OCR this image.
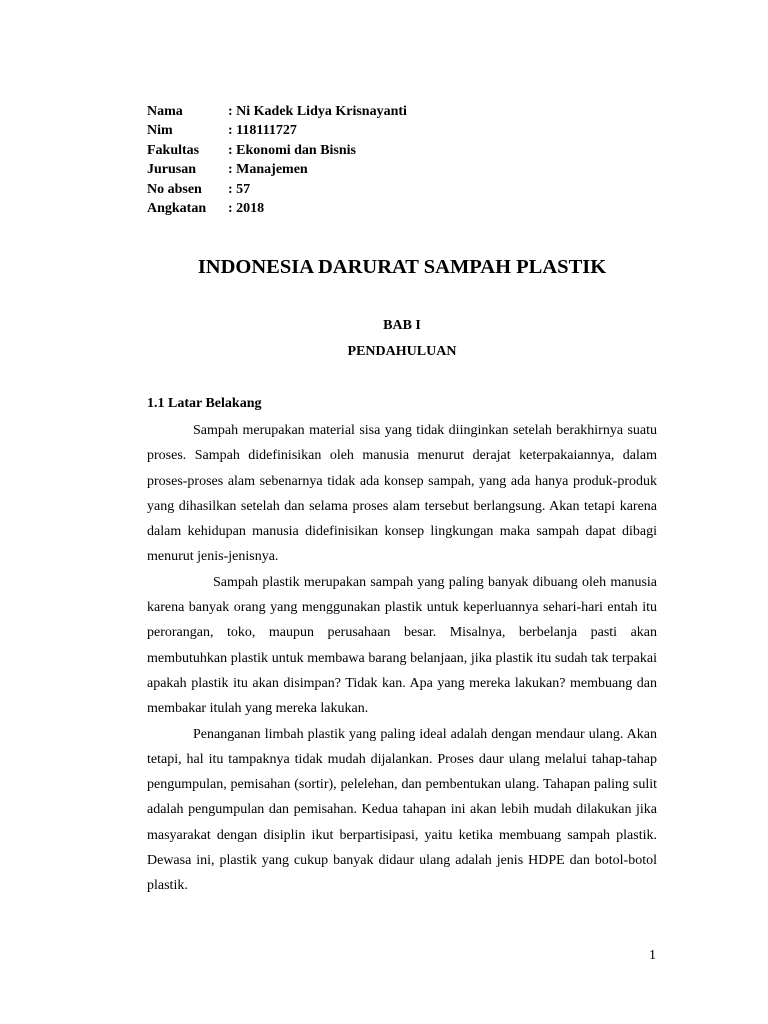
Nama	: Ni Kadek Lidya Krisnayanti
Nim	: 118111727
Fakultas	: Ekonomi dan Bisnis
Jurusan	: Manajemen
No absen	: 57
Angkatan	: 2018
INDONESIA DARURAT SAMPAH PLASTIK
BAB I
PENDAHULUAN
1.1 Latar Belakang

Sampah merupakan material sisa yang tidak diinginkan setelah berakhirnya suatu proses. Sampah didefinisikan oleh manusia menurut derajat keterpakaiannya, dalam proses-proses alam sebenarnya tidak ada konsep sampah, yang ada hanya produk-produk yang dihasilkan setelah dan selama proses alam tersebut berlangsung. Akan tetapi karena dalam kehidupan manusia didefinisikan konsep lingkungan maka sampah dapat dibagi menurut jenis-jenisnya.

Sampah plastik merupakan sampah yang paling banyak dibuang oleh manusia karena banyak orang yang menggunakan plastik untuk keperluannya sehari-hari entah itu perorangan, toko, maupun perusahaan besar. Misalnya, berbelanja pasti akan membutuhkan plastik untuk membawa barang belanjaan, jika plastik itu sudah tak terpakai apakah plastik itu akan disimpan? Tidak kan. Apa yang mereka lakukan? membuang dan membakar itulah yang mereka lakukan.

Penanganan limbah plastik yang paling ideal adalah dengan mendaur ulang. Akan tetapi, hal itu tampaknya tidak mudah dijalankan. Proses daur ulang melalui tahap-tahap pengumpulan, pemisahan (sortir), pelelehan, dan pembentukan ulang. Tahapan paling sulit adalah pengumpulan dan pemisahan. Kedua tahapan ini akan lebih mudah dilakukan jika masyarakat dengan disiplin ikut berpartisipasi, yaitu ketika membuang sampah plastik. Dewasa ini, plastik yang cukup banyak didaur ulang adalah jenis HDPE dan botol-botol plastik.

1
